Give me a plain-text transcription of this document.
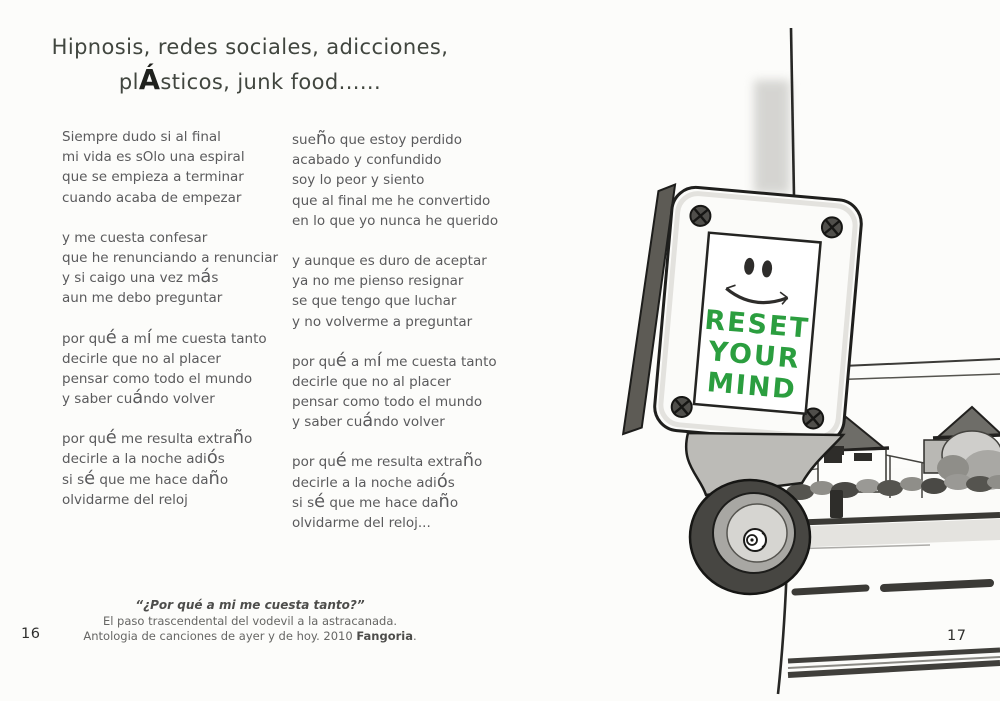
Hipnosis, redes sociales, adicciones,
plÁsticos, junk food......

Siempre dudo si al final

mi vida es sOlo una espiral

que se empieza a terminar

cuando acaba de empezar

y me cuesta confesar

que he renunciando a renunciar

y si caigo una vez más

aun me debo preguntar

por qué a mí me cuesta tanto

decirle que no al placer

pensar como todo el mundo

y saber cuándo volver

por qué me resulta extraño

decirle a la noche adiós

si sé que me hace daño

olvidarme del reloj

sueño que estoy perdido

acabado y confundido

soy lo peor y siento

que al final me he convertido

en lo que yo nunca he querido

y aunque es duro de aceptar

ya no me pienso resignar

se que tengo que luchar

y no volverme a preguntar

por qué a mí me cuesta tanto

decirle que no al placer

pensar como todo el mundo

y saber cuándo volver

por qué me resulta extraño

decirle a la noche adiós

si sé que me hace daño

olvidarme del reloj...

“¿Por qué a mi me cuesta tanto?”
El paso trascendental del vodevil a la astracanada.
Antologia de canciones de ayer y de hoy. 2010 Fangoria.
16	17
RESET
YOUR
MIND
